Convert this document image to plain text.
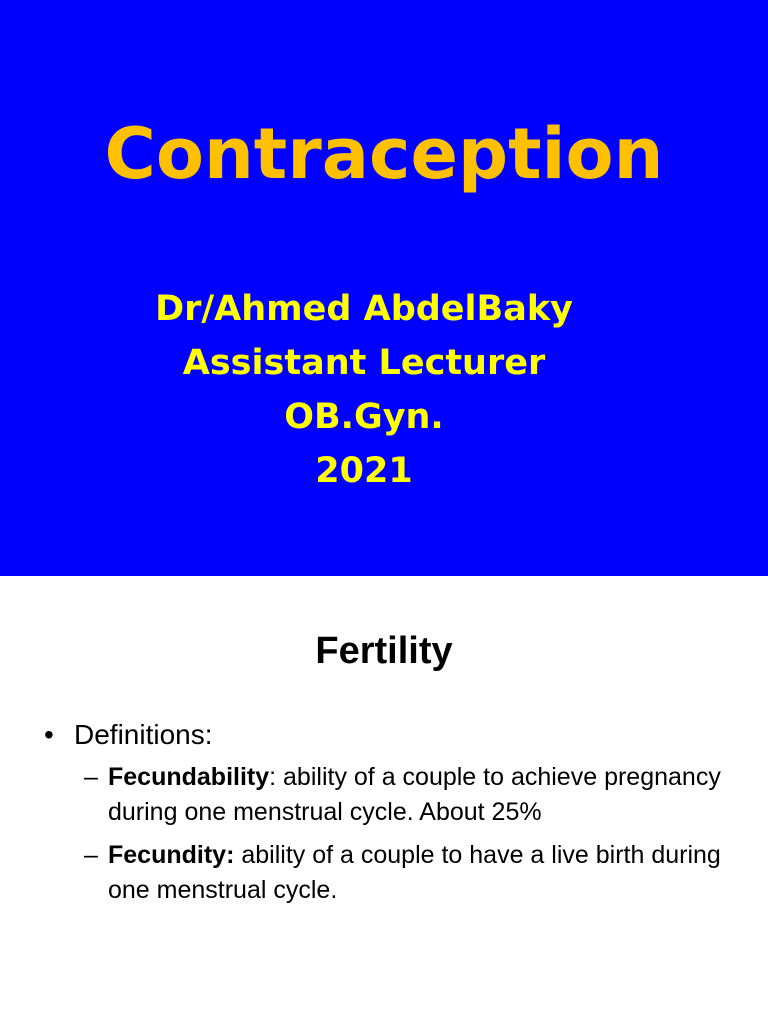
Contraception
Dr/Ahmed AbdelBaky
Assistant Lecturer
OB.Gyn.
2021
Fertility
• Definitions:
– Fecundability: ability of a couple to achieve pregnancy during one menstrual cycle. About 25%
– Fecundity: ability of a couple to have a live birth during one menstrual cycle.
